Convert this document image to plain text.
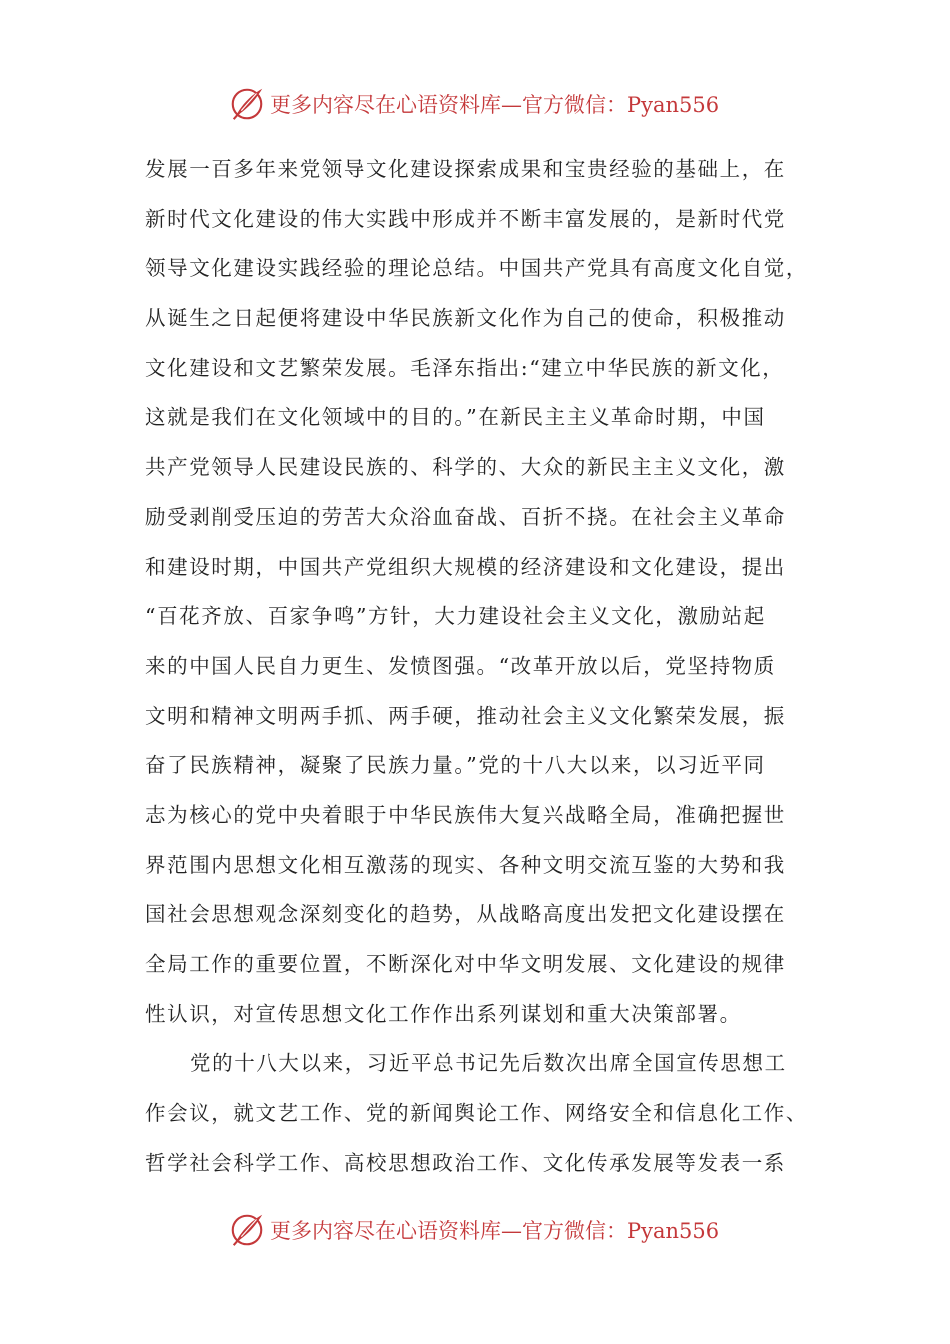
更多内容尽在心语资料库—官方微信：Pyan556
发展一百多年来党领导文化建设探索成果和宝贵经验的基础上，在
新时代文化建设的伟大实践中形成并不断丰富发展的，是新时代党
领导文化建设实践经验的理论总结。中国共产党具有高度文化自觉，
从诞生之日起便将建设中华民族新文化作为自己的使命，积极推动
文化建设和文艺繁荣发展。毛泽东指出:“建立中华民族的新文化，
这就是我们在文化领域中的目的。”在新民主主义革命时期，中国
共产党领导人民建设民族的、科学的、大众的新民主主义文化，激
励受剥削受压迫的劳苦大众浴血奋战、百折不挠。在社会主义革命
和建设时期，中国共产党组织大规模的经济建设和文化建设，提出
“百花齐放、百家争鸣”方针，大力建设社会主义文化，激励站起
来的中国人民自力更生、发愤图强。“改革开放以后，党坚持物质
文明和精神文明两手抓、两手硬，推动社会主义文化繁荣发展，振
奋了民族精神，凝聚了民族力量。”党的十八大以来，以习近平同
志为核心的党中央着眼于中华民族伟大复兴战略全局，准确把握世
界范围内思想文化相互激荡的现实、各种文明交流互鉴的大势和我
国社会思想观念深刻变化的趋势，从战略高度出发把文化建设摆在
全局工作的重要位置，不断深化对中华文明发展、文化建设的规律
性认识，对宣传思想文化工作作出系列谋划和重大决策部署。
党的十八大以来，习近平总书记先后数次出席全国宣传思想工
作会议，就文艺工作、党的新闻舆论工作、网络安全和信息化工作、
哲学社会科学工作、高校思想政治工作、文化传承发展等发表一系
更多内容尽在心语资料库—官方微信：Pyan556
